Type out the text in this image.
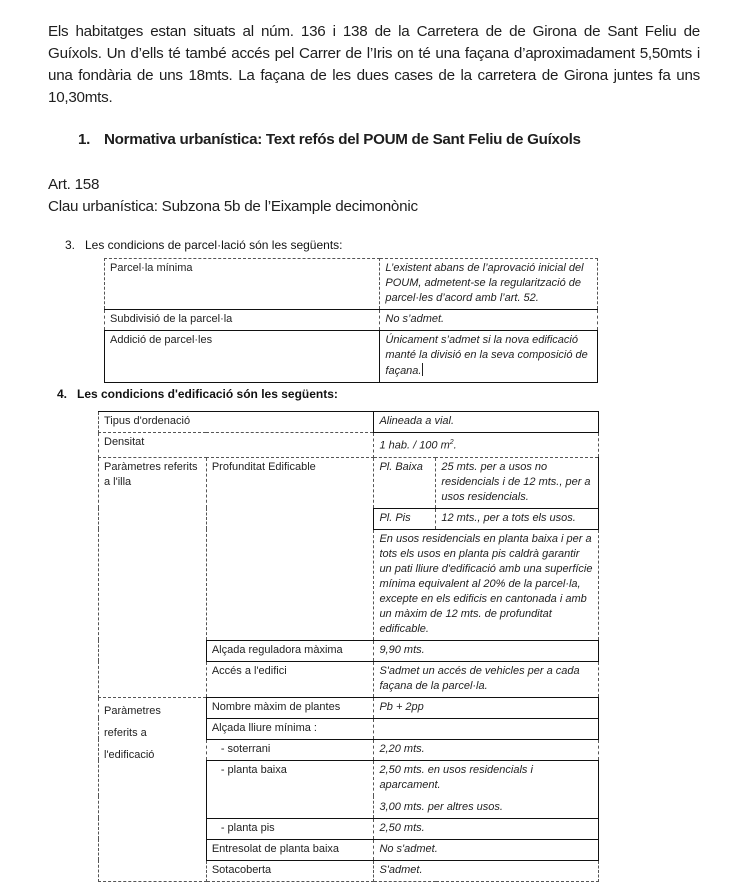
Els habitatges estan situats al núm. 136 i 138 de la Carretera de de Girona de Sant Feliu de Guíxols. Un d’ells té també accés pel Carrer de l’Iris on té una façana d’aproximadament 5,50mts i una fondària de uns 18mts. La façana de les dues cases de la carretera de Girona juntes fa uns 10,30mts.

1. Normativa urbanística: Text refós del POUM de Sant Feliu de Guíxols
Art. 158
Clau urbanística: Subzona 5b de l’Eixample decimonònic
3. Les condicions de parcel·lació són les següents:
Parcel·la mínima	L’existent abans de l’aprovació inicial del POUM, admetent-se la regularització de parcel·les d’acord amb l’art. 52.
Subdivisió de la parcel·la	No s’admet.
Addició de parcel·les	Únicament s’admet si la nova edificació manté la divisió en la seva composició de façana.
4. Les condicions d'edificació són les següents:
Tipus d'ordenació		Alineada a vial.	
Densitat		1 hab. / 100 $m^2$.	
Paràmetres referits a l'illa	Profunditat Edificable	Pl. Baixa	25 mts. per a usos no residencials i de 12 mts., per a usos residencials.
		Pl. Pis	12 mts., per a tots els usos.
		En usos residencials en planta baixa i per a tots els usos en planta pis caldrà garantir un pati lliure d'edificació amb una superfície mínima equivalent al 20% de la parcel·la, excepte en els edificis en cantonada i amb un màxim de 12 mts. de profunditat edificable.	
	Alçada reguladora màxima	9,90 mts.	
	Accés a l'edifici	S'admet un accés de vehicles per a cada façana de la parcel·la.	

Paràmetres
referits a
l'edificació	Nombre màxim de plantes	Pb + 2pp	
	Alçada lliure mínima :		
	- soterrani	2,20 mts.	
	- planta baixa	2,50 mts. en usos residencials i aparcament.	
		3,00 mts. per altres usos.	
	- planta pis	2,50 mts.	
	Entresolat de planta baixa	No s'admet.	
	Sotacoberta	S'admet.	
